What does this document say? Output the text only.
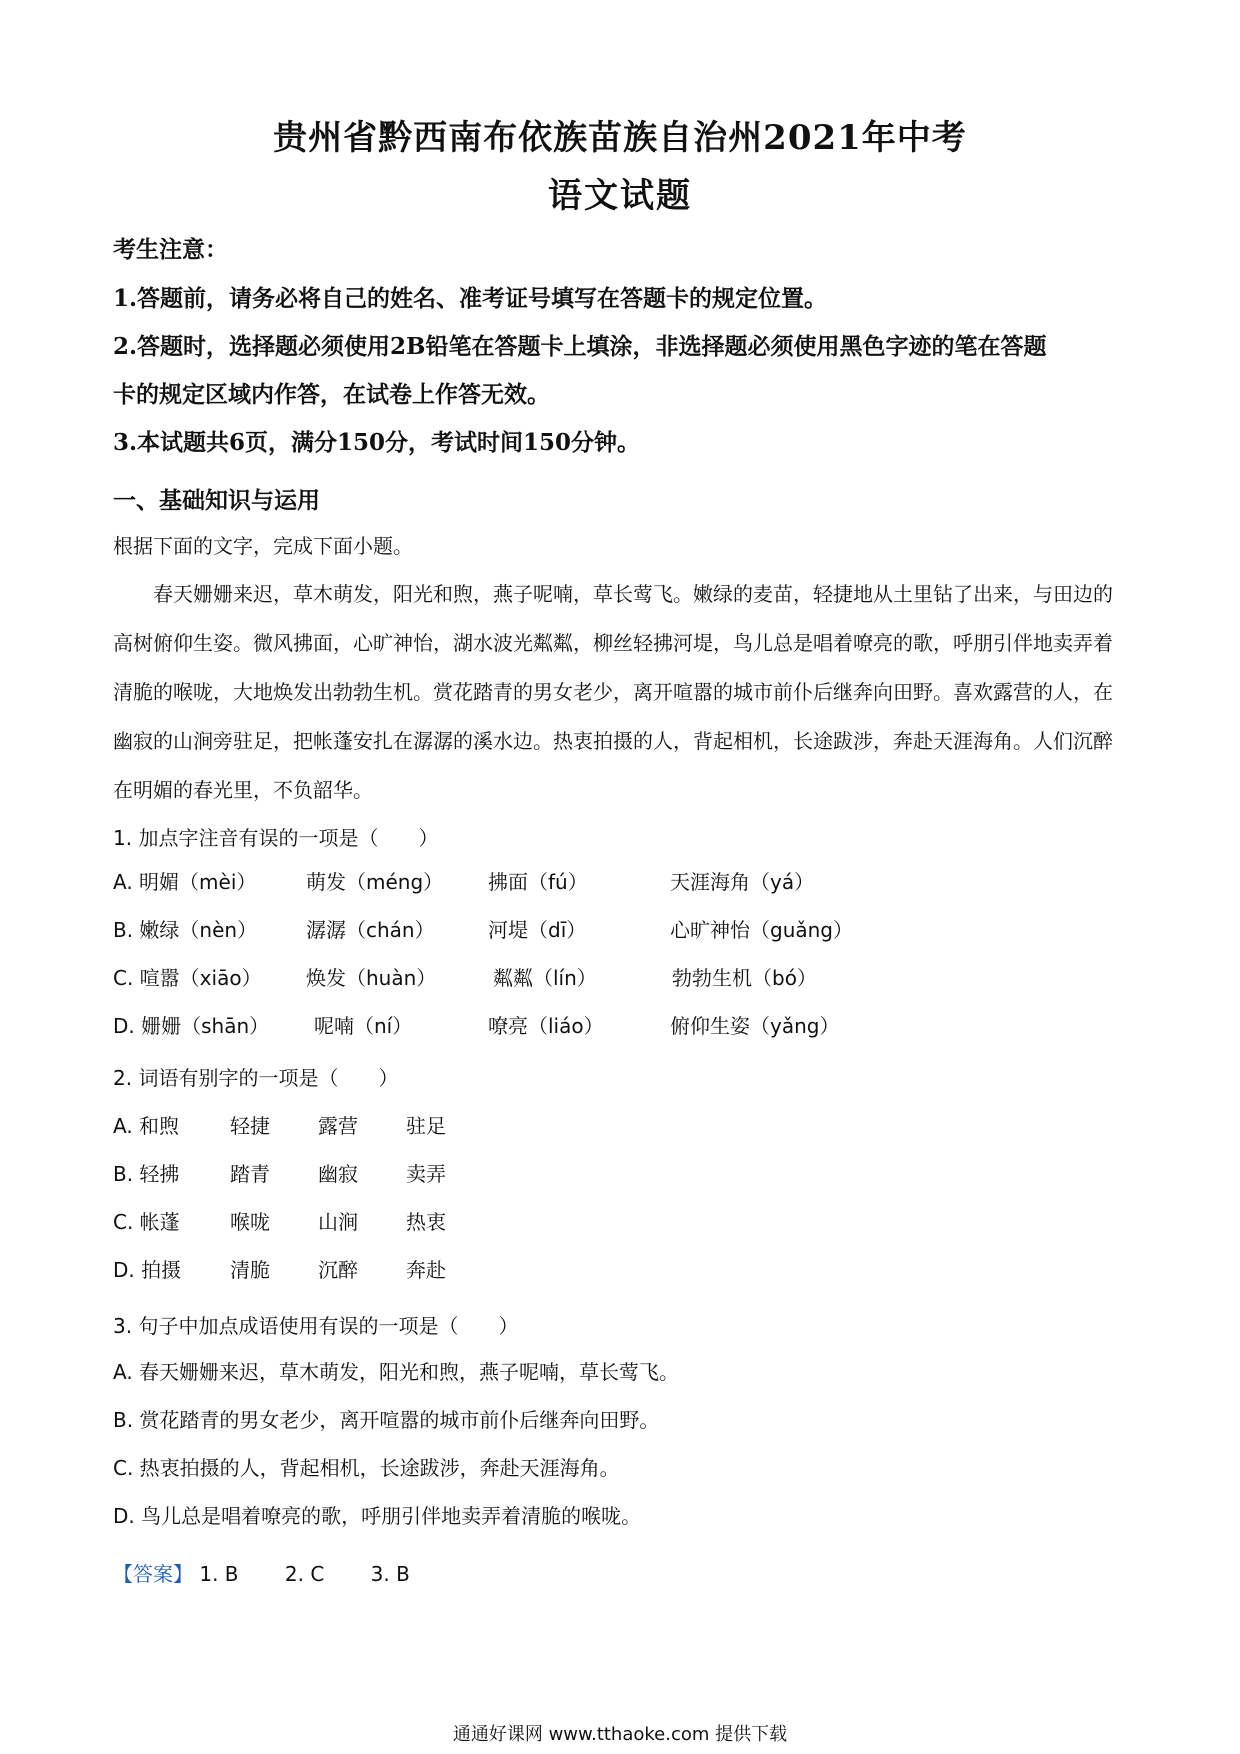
贵州省黔西南布依族苗族自治州2021年中考
语文试题
考生注意：
1.答题前，请务必将自己的姓名、准考证号填写在答题卡的规定位置。
2.答题时，选择题必须使用2B铅笔在答题卡上填涂，非选择题必须使用黑色字迹的笔在答题
卡的规定区域内作答，在试卷上作答无效。
3.本试题共6页，满分150分，考试时间150分钟。
一、基础知识与运用
根据下面的文字，完成下面小题。

春天姗姗来迟，草木萌发，阳光和煦，燕子呢喃，草长莺飞。嫩绿的麦苗，轻捷地从土里钻了出来，与田边的高树俯仰生姿。微风拂面，心旷神怡，湖水波光粼粼，柳丝轻拂河堤，鸟儿总是唱着嘹亮的歌，呼朋引伴地卖弄着清脆的喉咙，大地焕发出勃勃生机。赏花踏青的男女老少，离开喧嚣的城市前仆后继奔向田野。喜欢露营的人，在幽寂的山涧旁驻足，把帐蓬安扎在潺潺的溪水边。热衷拍摄的人，背起相机，长途跋涉，奔赴天涯海角。人们沉醉在明媚的春光里，不负韶华。

1. 加点字注音有误的一项是（　　）
A. 明媚（mèi） 萌发（méng） 拂面（fú）	天涯海角（yá）
B. 嫩绿（nèn） 潺潺（chán）	河堤（dī）	心旷神怡（guǎng）
C. 喧嚣（xiāo） 焕发（huàn）	粼粼（lín）	勃勃生机（bó）
D. 姗姗（shān） 呢喃（ní）	嘹亮（liáo）	俯仰生姿（yǎng）
2. 词语有别字的一项是（　　）
A. 和煦	轻捷 露营 驻足
B. 轻拂	踏青 幽寂 卖弄
C. 帐蓬	喉咙 山涧 热衷
D. 拍摄 清脆 沉醉 奔赴
3. 句子中加点成语使用有误的一项是（　　）
A. 春天姗姗来迟，草木萌发，阳光和煦，燕子呢喃，草长莺飞。
B. 赏花踏青的男女老少，离开喧嚣的城市前仆后继奔向田野。
C. 热衷拍摄的人，背起相机，长途跋涉，奔赴天涯海角。
D. 鸟儿总是唱着嘹亮的歌，呼朋引伴地卖弄着清脆的喉咙。
【答案】 1. B 2. C 3. B
通通好课网 www.tthaoke.com 提供下载
